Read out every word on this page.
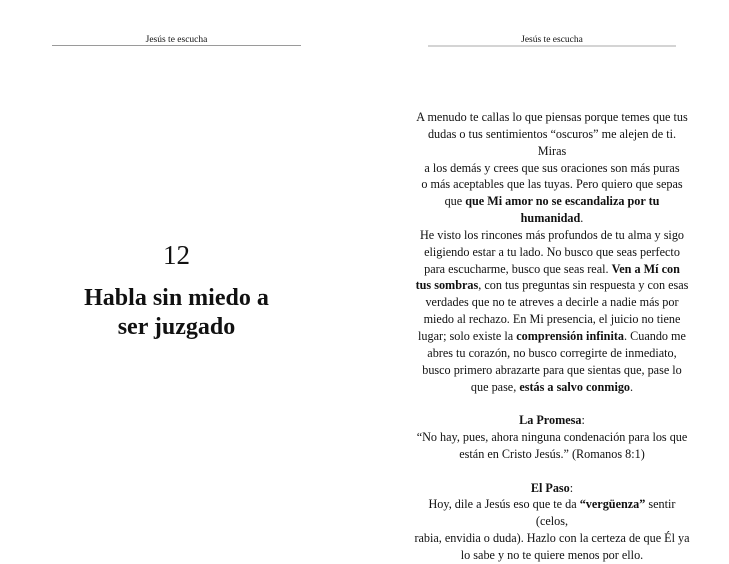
Jesús te escucha

12

Habla sin miedo a
ser juzgado
Jesús te escucha

A menudo te callas lo que piensas porque temes que tus

dudas o tus sentimientos “oscuros” me alejen de ti. Miras

a los demás y crees que sus oraciones son más puras

o más aceptables que las tuyas. Pero quiero que sepas

que que Mi amor no se escandaliza por tu humanidad.

He visto los rincones más profundos de tu alma y sigo

eligiendo estar a tu lado. No busco que seas perfecto

para escucharme, busco que seas real. Ven a Mí con

tus sombras, con tus preguntas sin respuesta y con esas

verdades que no te atreves a decirle a nadie más por

miedo al rechazo. En Mi presencia, el juicio no tiene

lugar; solo existe la comprensión infinita. Cuando me

abres tu corazón, no busco corregirte de inmediato,

busco primero abrazarte para que sientas que, pase lo

que pase, estás a salvo conmigo.

La Promesa:

“No hay, pues, ahora ninguna condenación para los que

están en Cristo Jesús.” (Romanos 8:1)

El Paso:

Hoy, dile a Jesús eso que te da “vergüenza” sentir (celos,

rabia, envidia o duda). Hazlo con la certeza de que Él ya

lo sabe y no te quiere menos por ello.
